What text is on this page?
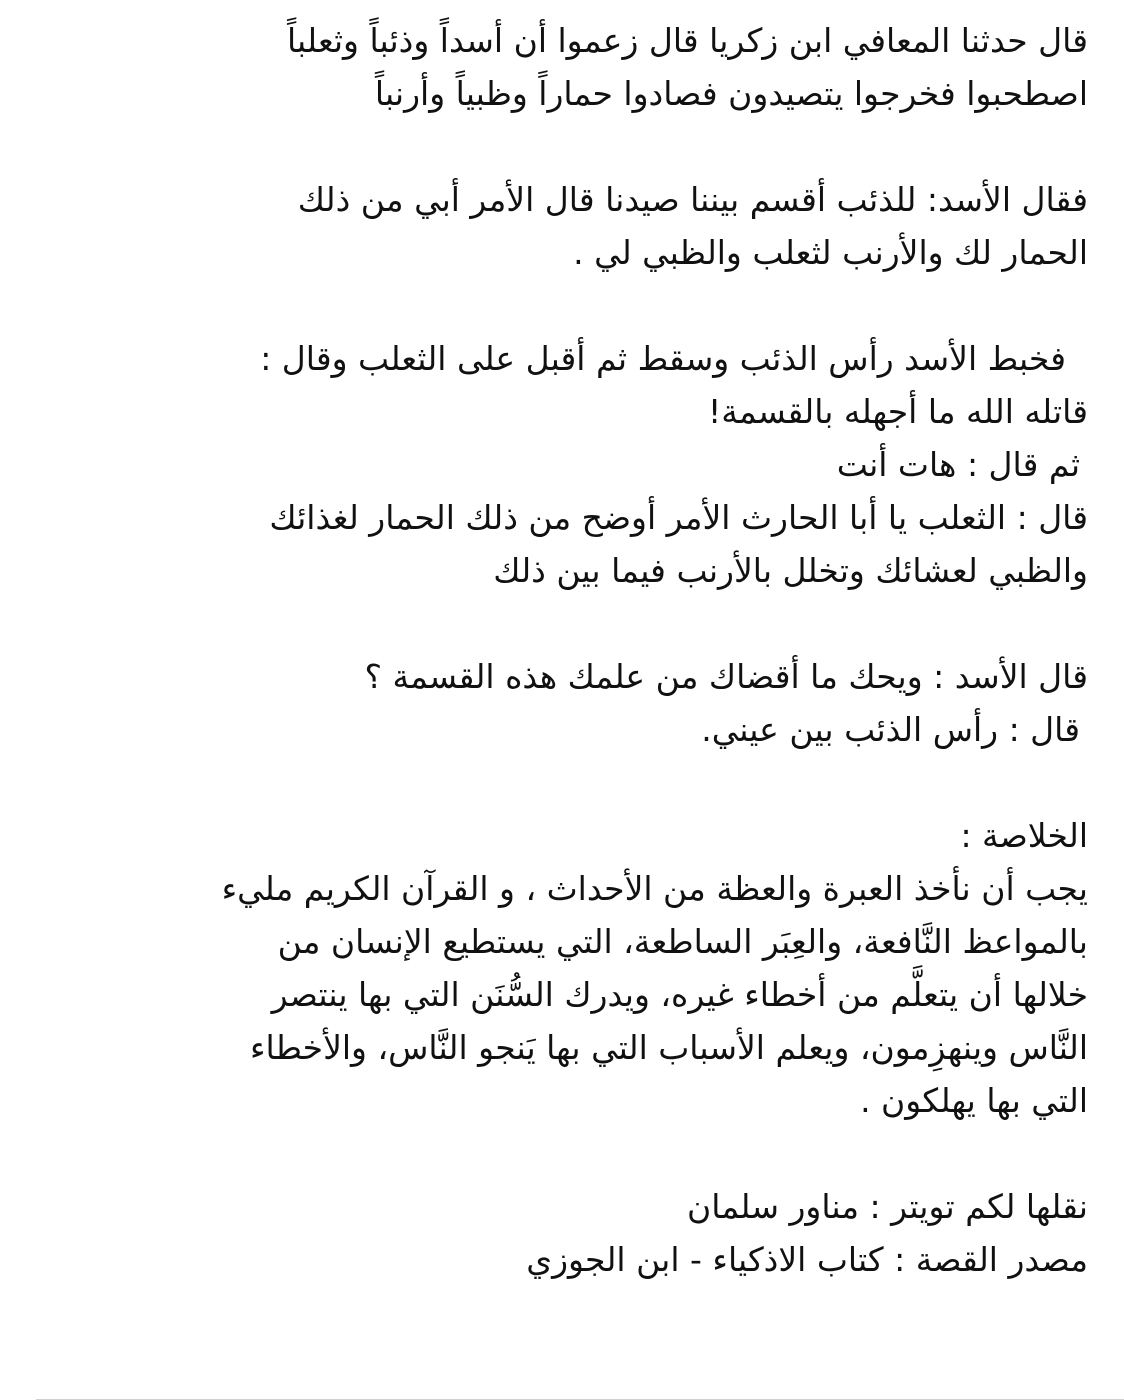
قال حدثنا المعافي ابن زكريا قال زعموا أن أسداً وذئباً وثعلباً
اصطحبوا فخرجوا يتصيدون فصادوا حماراً وظبياً وأرنباً
فقال الأسد: للذئب أقسم بيننا صيدنا قال الأمر أبي من ذلك
الحمار لك والأرنب لثعلب والظبي لي .
فخبط الأسد رأس الذئب وسقط ثم أقبل على الثعلب وقال :
قاتله الله ما أجهله بالقسمة!
ثم قال : هات أنت
قال : الثعلب يا أبا الحارث الأمر أوضح من ذلك الحمار لغذائك
والظبي لعشائك وتخلل بالأرنب فيما بين ذلك
قال الأسد : ويحك ما أقضاك من علمك هذه القسمة ؟
قال : رأس الذئب بين عيني.
الخلاصة :
يجب أن نأخذ العبرة والعظة من الأحداث ، و القرآن الكريم مليء
بالمواعظ النَّافعة، والعِبَر الساطعة، التي يستطيع الإنسان من
خلالها أن يتعلَّم من أخطاء غيره، ويدرك السُّنَن التي بها ينتصر
النَّاس وينهزِمون، ويعلم الأسباب التي بها يَنجو النَّاس، والأخطاء
التي بها يهلكون .
نقلها لكم تويتر : مناور سلمان
مصدر القصة : كتاب الاذكياء - ابن الجوزي
